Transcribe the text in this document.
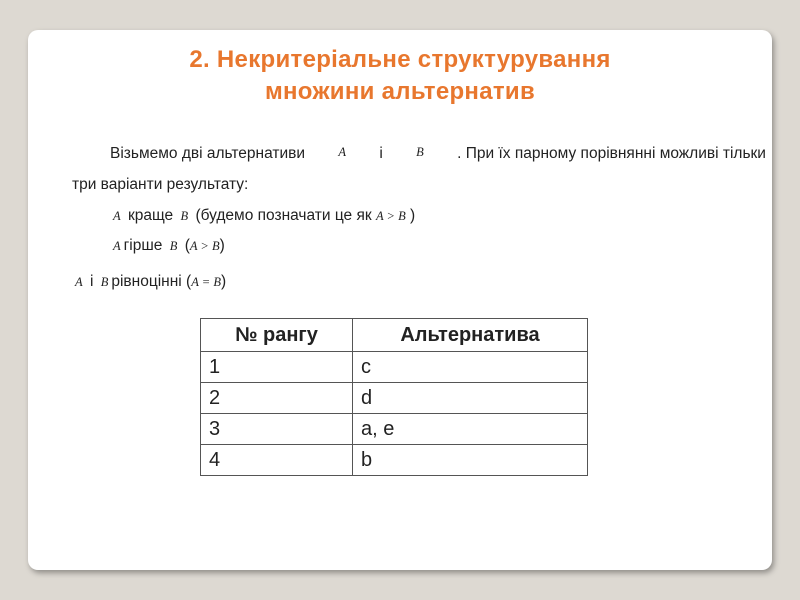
2. Некритеріальне структурування
множини альтернатив
Візьмемо дві альтернативи	A і	B . При їх парному порівнянні можливі тільки
три варіанти результату:
A краще B (будемо позначати це як A > B )
A гірше B (A > B)
A і B рівноцінні (A = B)
№ рангу	Альтернатива
1	c
2	d
3	a, e
4	b
